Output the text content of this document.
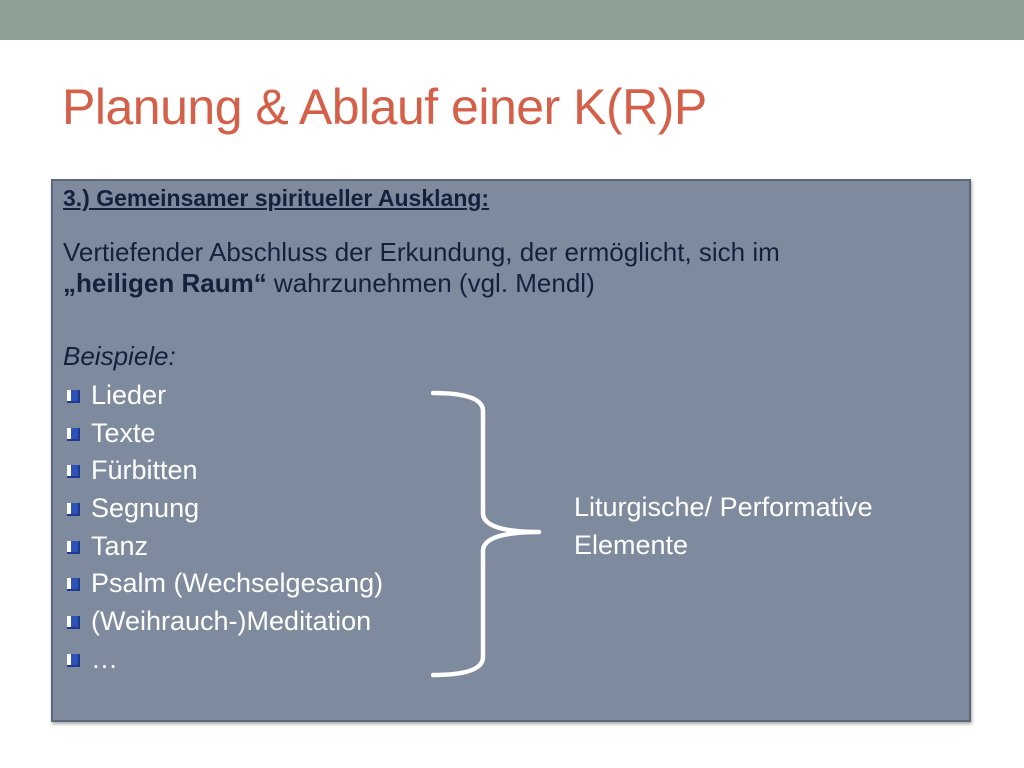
Planung & Ablauf einer K(R)P

3.) Gemeinsamer spiritueller Ausklang:

Vertiefender Abschluss der Erkundung, der ermöglicht, sich im
„heiligen Raum“ wahrzunehmen (vgl. Mendl)

Beispiele:

Lieder
Texte
Fürbitten
Segnung
Tanz
Psalm (Wechselgesang)
(Weihrauch-)Meditation
…

Liturgische/ Performative
Elemente
